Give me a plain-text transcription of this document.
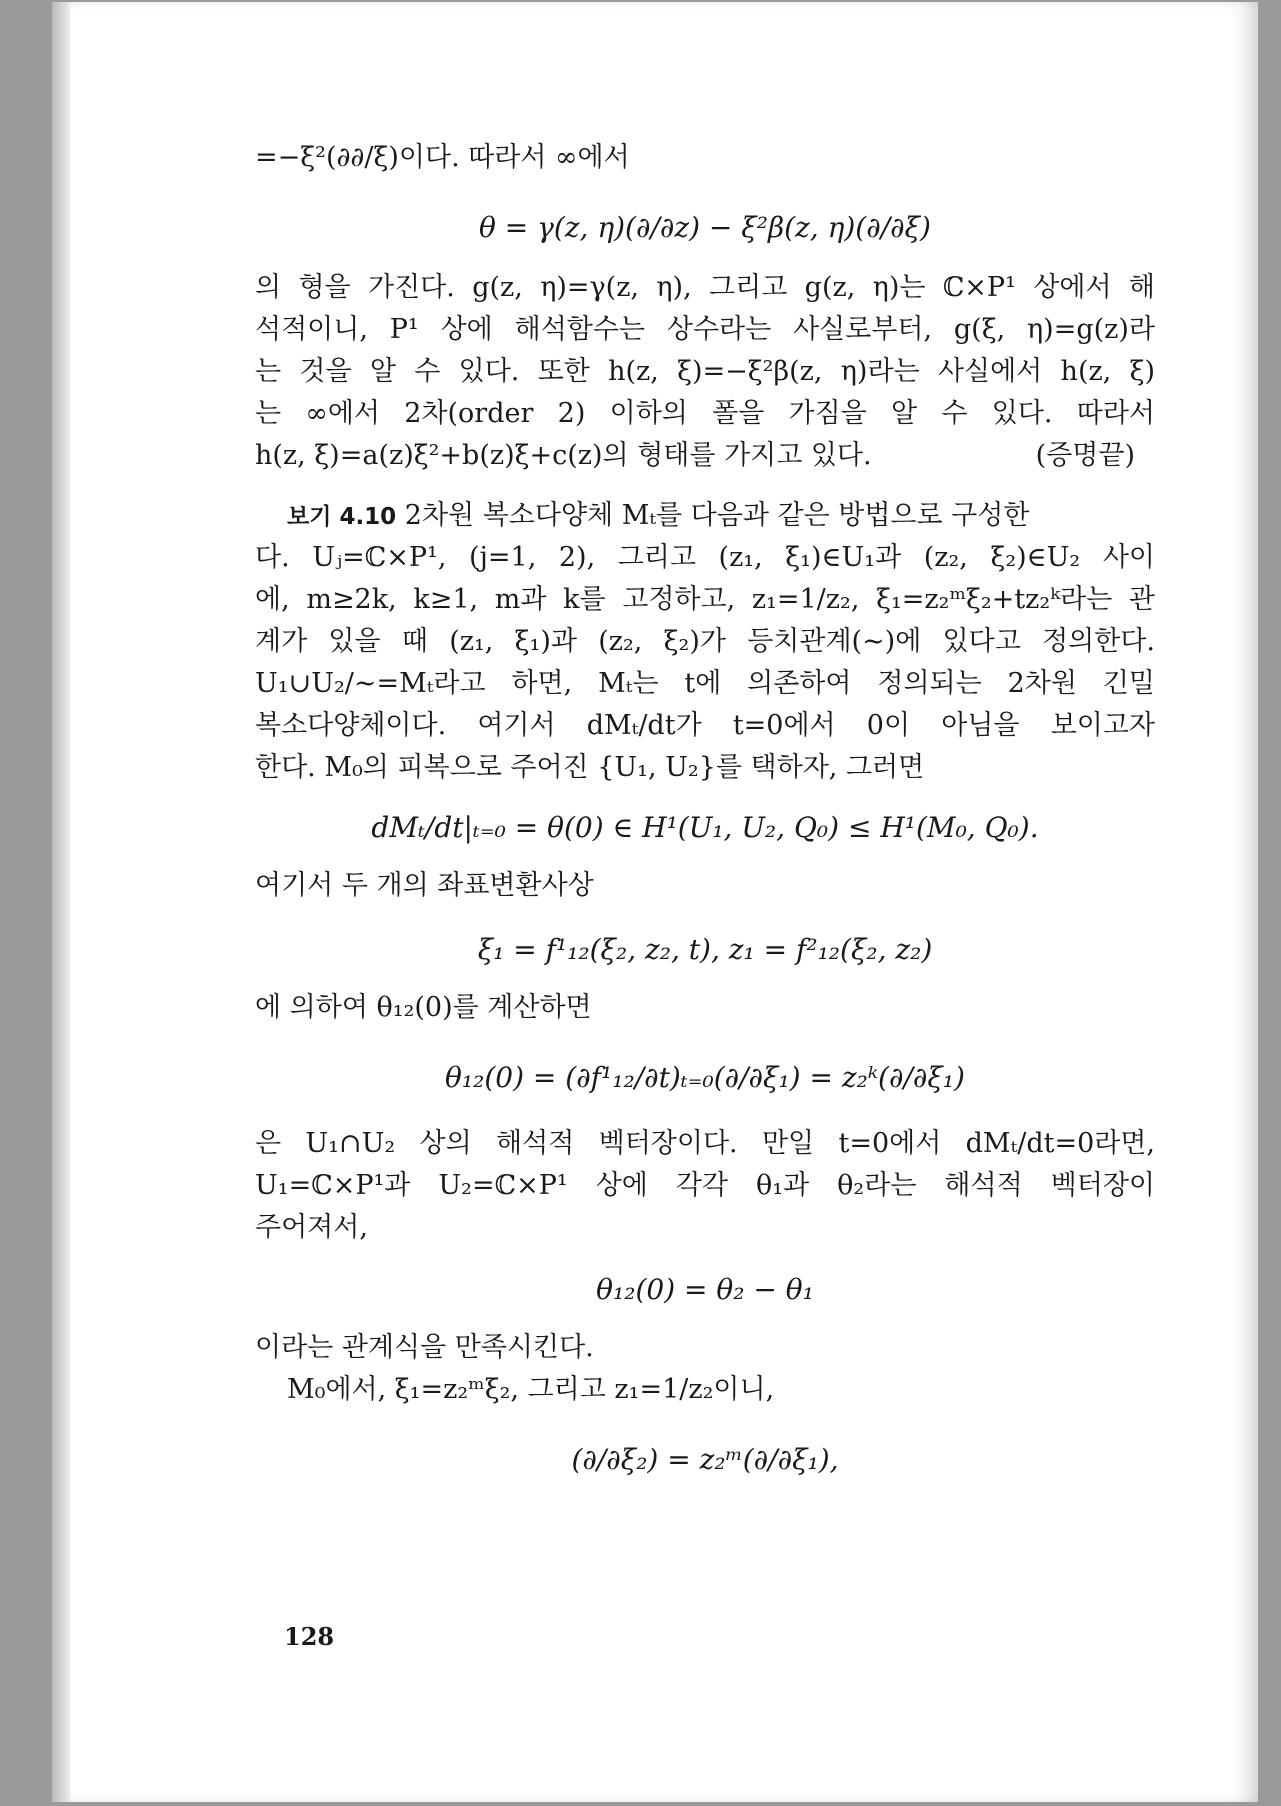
=−ξ²(∂∂/ξ)이다. 따라서 ∞에서
θ = γ(z, η)(∂/∂z) − ξ²β(z, η)(∂/∂ξ)
의 형을 가진다. g(z, η)=γ(z, η), 그리고 g(z, η)는 ℂ×P¹ 상에서 해
석적이니, P¹ 상에 해석함수는 상수라는 사실로부터, g(ξ, η)=g(z)라
는 것을 알 수 있다. 또한 h(z, ξ)=−ξ²β(z, η)라는 사실에서 h(z, ξ)
는 ∞에서 2차(order 2) 이하의 폴을 가짐을 알 수 있다. 따라서
h(z, ξ)=a(z)ξ²+b(z)ξ+c(z)의 형태를 가지고 있다.	(증명끝)
보기 4.10 2차원 복소다양체 Mₜ를 다음과 같은 방법으로 구성한
다. Uⱼ=ℂ×P¹, (j=1, 2), 그리고 (z₁, ξ₁)∈U₁과 (z₂, ξ₂)∈U₂ 사이
에, m≥2k, k≥1, m과 k를 고정하고, z₁=1/z₂, ξ₁=z₂ᵐξ₂+tz₂ᵏ라는 관
계가 있을 때 (z₁, ξ₁)과 (z₂, ξ₂)가 등치관계(∼)에 있다고 정의한다.
U₁∪U₂/∼=Mₜ라고 하면, Mₜ는 t에 의존하여 정의되는 2차원 긴밀
복소다양체이다. 여기서 dMₜ/dt가 t=0에서 0이 아님을 보이고자
한다. M₀의 피복으로 주어진 {U₁, U₂}를 택하자, 그러면
dMₜ/dt|ₜ₌₀ = θ(0) ∈ H¹(U₁, U₂, Q₀) ≤ H¹(M₀, Q₀).
여기서 두 개의 좌표변환사상
ξ₁ = f¹₁₂(ξ₂, z₂, t), z₁ = f²₁₂(ξ₂, z₂)
에 의하여 θ₁₂(0)를 계산하면
θ₁₂(0) = (∂f¹₁₂/∂t)ₜ₌₀(∂/∂ξ₁) = z₂ᵏ(∂/∂ξ₁)
은 U₁∩U₂ 상의 해석적 벡터장이다. 만일 t=0에서 dMₜ/dt=0라면,
U₁=ℂ×P¹과 U₂=ℂ×P¹ 상에 각각 θ₁과 θ₂라는 해석적 벡터장이
주어져서,
θ₁₂(0) = θ₂ − θ₁
이라는 관계식을 만족시킨다.
M₀에서, ξ₁=z₂ᵐξ₂, 그리고 z₁=1/z₂이니,
(∂/∂ξ₂) = z₂ᵐ(∂/∂ξ₁),
128
